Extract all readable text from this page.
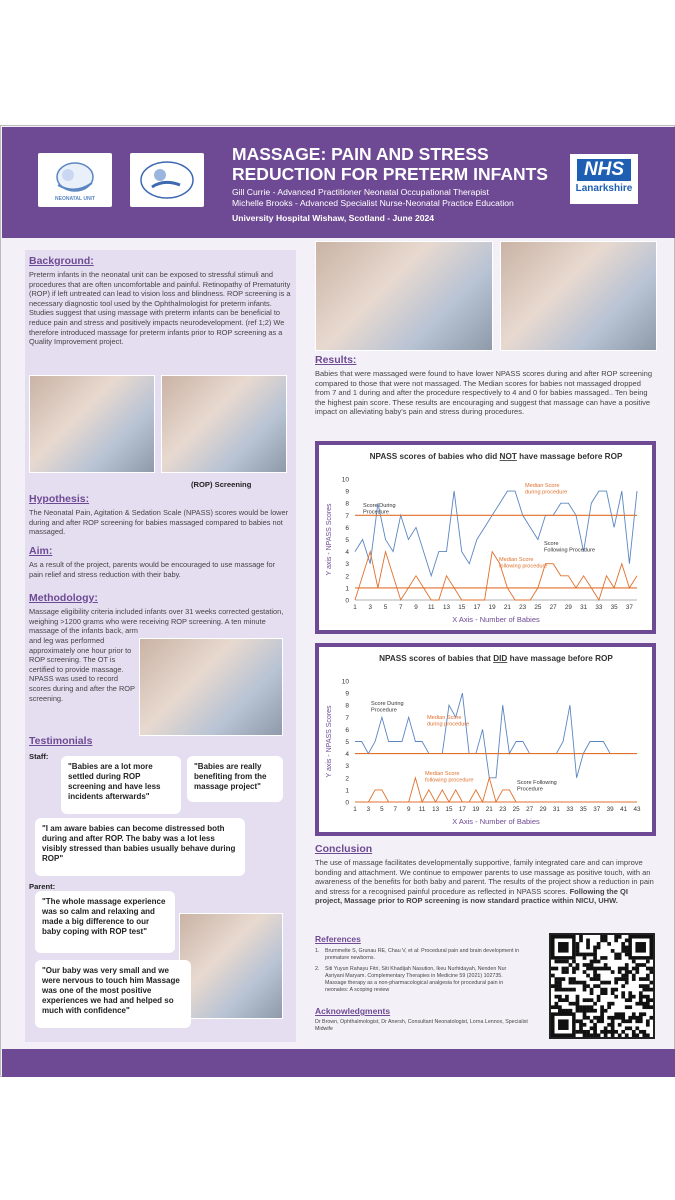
NEONATAL UNIT
MASSAGE: PAIN AND STRESS REDUCTION FOR PRETERM INFANTS
Gill Currie - Advanced Practitioner Neonatal Occupational Therapist
Michelle Brooks - Advanced Specialist Nurse-Neonatal Practice Education
University Hospital Wishaw, Scotland - June 2024
NHS
Lanarkshire
Background:
Preterm infants in the neonatal unit can be exposed to stressful stimuli and procedures that are often uncomfortable and painful. Retinopathy of Prematurity (ROP) if left untreated can lead to vision loss and blindness. ROP screening is a necessary diagnostic tool used by the Ophthalmologist for preterm infants. Studies suggest that using massage with preterm infants can be beneficial to reduce pain and stress and positively impacts neurodevelopment. (ref 1;2) We therefore introduced massage for preterm infants prior to ROP screening as a Quality Improvement project.
(ROP) Screening
Hypothesis:
The Neonatal Pain, Agitation & Sedation Scale (NPASS) scores would be lower during and after ROP screening for babies massaged compared to babies not massaged.
Aim:
As a result of the project, parents would be encouraged to use massage for pain relief and stress reduction with their baby.
Methodology:
Massage eligibility criteria included infants over 31 weeks corrected gestation, weighing >1200 grams who were receiving ROP screening. A ten minute massage of the infants back, arm
and leg was performed approximately one hour prior to ROP screening. The OT is certified to provide massage. NPASS was used to record scores during and after the ROP screening.
Testimonials
Staff:
"Babies are a lot more settled during ROP screening and have less incidents afterwards"
"Babies are really benefiting from the massage project"
"I am aware babies can become distressed both during and after ROP. The baby was a lot less visibly stressed than babies usually behave during ROP"
Parent:
"The whole massage experience was so calm and relaxing and made a big difference to our baby coping with ROP test"
"Our baby was very small and we were nervous to touch him Massage was one of the most positive experiences we had and helped so much with confidence"
Results:
Babies that were massaged were found to have lower NPASS scores during and after ROP screening compared to those that were not massaged. The Median scores for babies not massaged dropped from 7 and 1 during and after the procedure respectively to 4 and 0 for babies massaged.. Ten being the highest pain score. These results are encouraging and suggest that massage can have a positive impact on alleviating baby's pain and stress during procedures.
NPASS scores of babies who did NOT have massage before ROP
0
1
2
3
4
5
6
7
8
9
10
1 3 5 7 9 11 13 15 17 19 21 23 25 27 29 31 33 35 37
X Axis - Number of Babies
Y axis - NPASS Scores	Score During Procedure
Median Score during procedure
Score Following Procedure
Median Score following procedure
NPASS scores of babies that DID have massage before ROP
0
1
2
3
4
5
6
7
8
9
10
1 3 5 7 9 11 13 15 17 19 21 23 25 27 29 31 33 35 37 39 41 43
X Axis - Number of Babies
Y axis - NPASS Scores
Score During Procedure
Median Score during procedure
Median Score following procedure	Score Following Procedure
Conclusion
The use of massage facilitates developmentally supportive, family integrated care and can improve bonding and attachment. We continue to empower parents to use massage as positive touch, with an awareness of the benefits for both baby and parent. The results of the project show a reduction in pain and stress for a recognised painful procedure as reflected in NPASS scores. Following the QI project, Massage prior to ROP screening is now standard practice within NICU, UHW.
References
1. Brummelte S, Grunau RE, Chau V, et al: Procedural pain and brain development in premature newborns.
2. Siti Yuyun Rahayu Fitri, Siti Khadijah Nasution, Ikeu Nurhidayah, Nenden Nur Asriyani Maryam. Complementary Therapies in Medicine 59 (2021) 102735. Massage therapy as a non-pharmacological analgesia for procedural pain in neonates: A scoping review
Acknowledgments
Dr Brown, Ophthalmologist, Dr Anersh, Consultant Neonatologist, Lorna Lennox, Specialist Midwife
